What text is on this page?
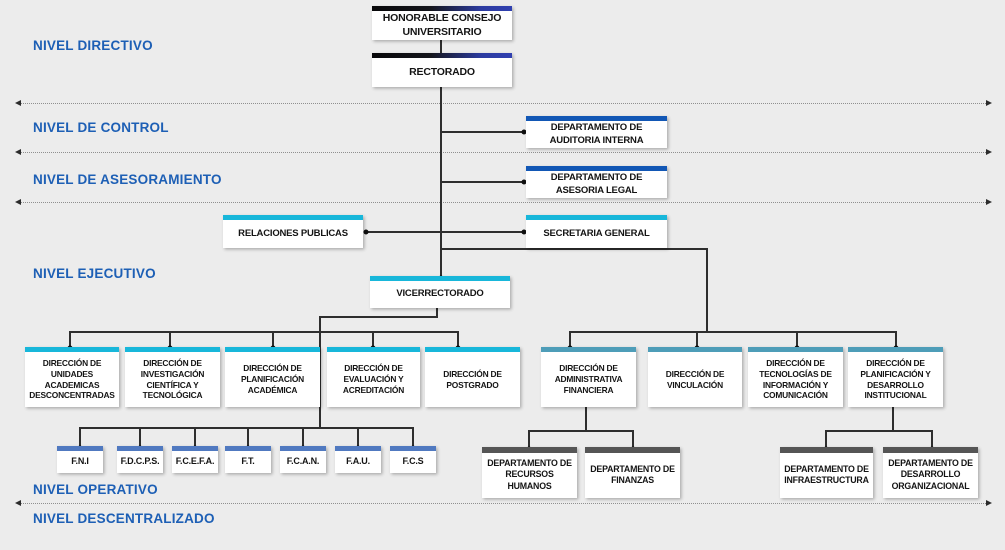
NIVEL DIRECTIVO
NIVEL DE CONTROL
NIVEL DE ASESORAMIENTO
NIVEL EJECUTIVO
NIVEL OPERATIVO
NIVEL DESCENTRALIZADO
HONORABLE CONSEJO UNIVERSITARIO
RECTORADO
DEPARTAMENTO DE AUDITORIA INTERNA
DEPARTAMENTO DE ASESORIA LEGAL
RELACIONES PUBLICAS	SECRETARIA GENERAL
VICERRECTORADO
DIRECCIÓN DE UNIDADES ACADEMICAS DESCONCENTRADAS
DIRECCIÓN DE INVESTIGACIÓN CIENTÍFICA Y TECNOLÓGICA
DIRECCIÓN DE PLANIFICACIÓN ACADÉMICA
DIRECCIÓN DE EVALUACIÓN Y ACREDITACIÓN
DIRECCIÓN DE POSTGRADO
DIRECCIÓN DE ADMINISTRATIVA FINANCIERA
DIRECCIÓN DE VINCULACIÓN
DIRECCIÓN DE TECNOLOGÍAS DE INFORMACIÓN Y COMUNICACIÓN
DIRECCIÓN DE PLANIFICACIÓN Y DESARROLLO INSTITUCIONAL
F.N.I	F.D.C.P.S.	F.C.E.F.A.	F.T.	F.C.A.N.	F.A.U.	F.C.S	DEPARTAMENTO DE RECURSOS HUMANOS
DEPARTAMENTO DE FINANZAS
DEPARTAMENTO DE INFRAESTRUCTURA
DEPARTAMENTO DE DESARROLLO ORGANIZACIONAL
